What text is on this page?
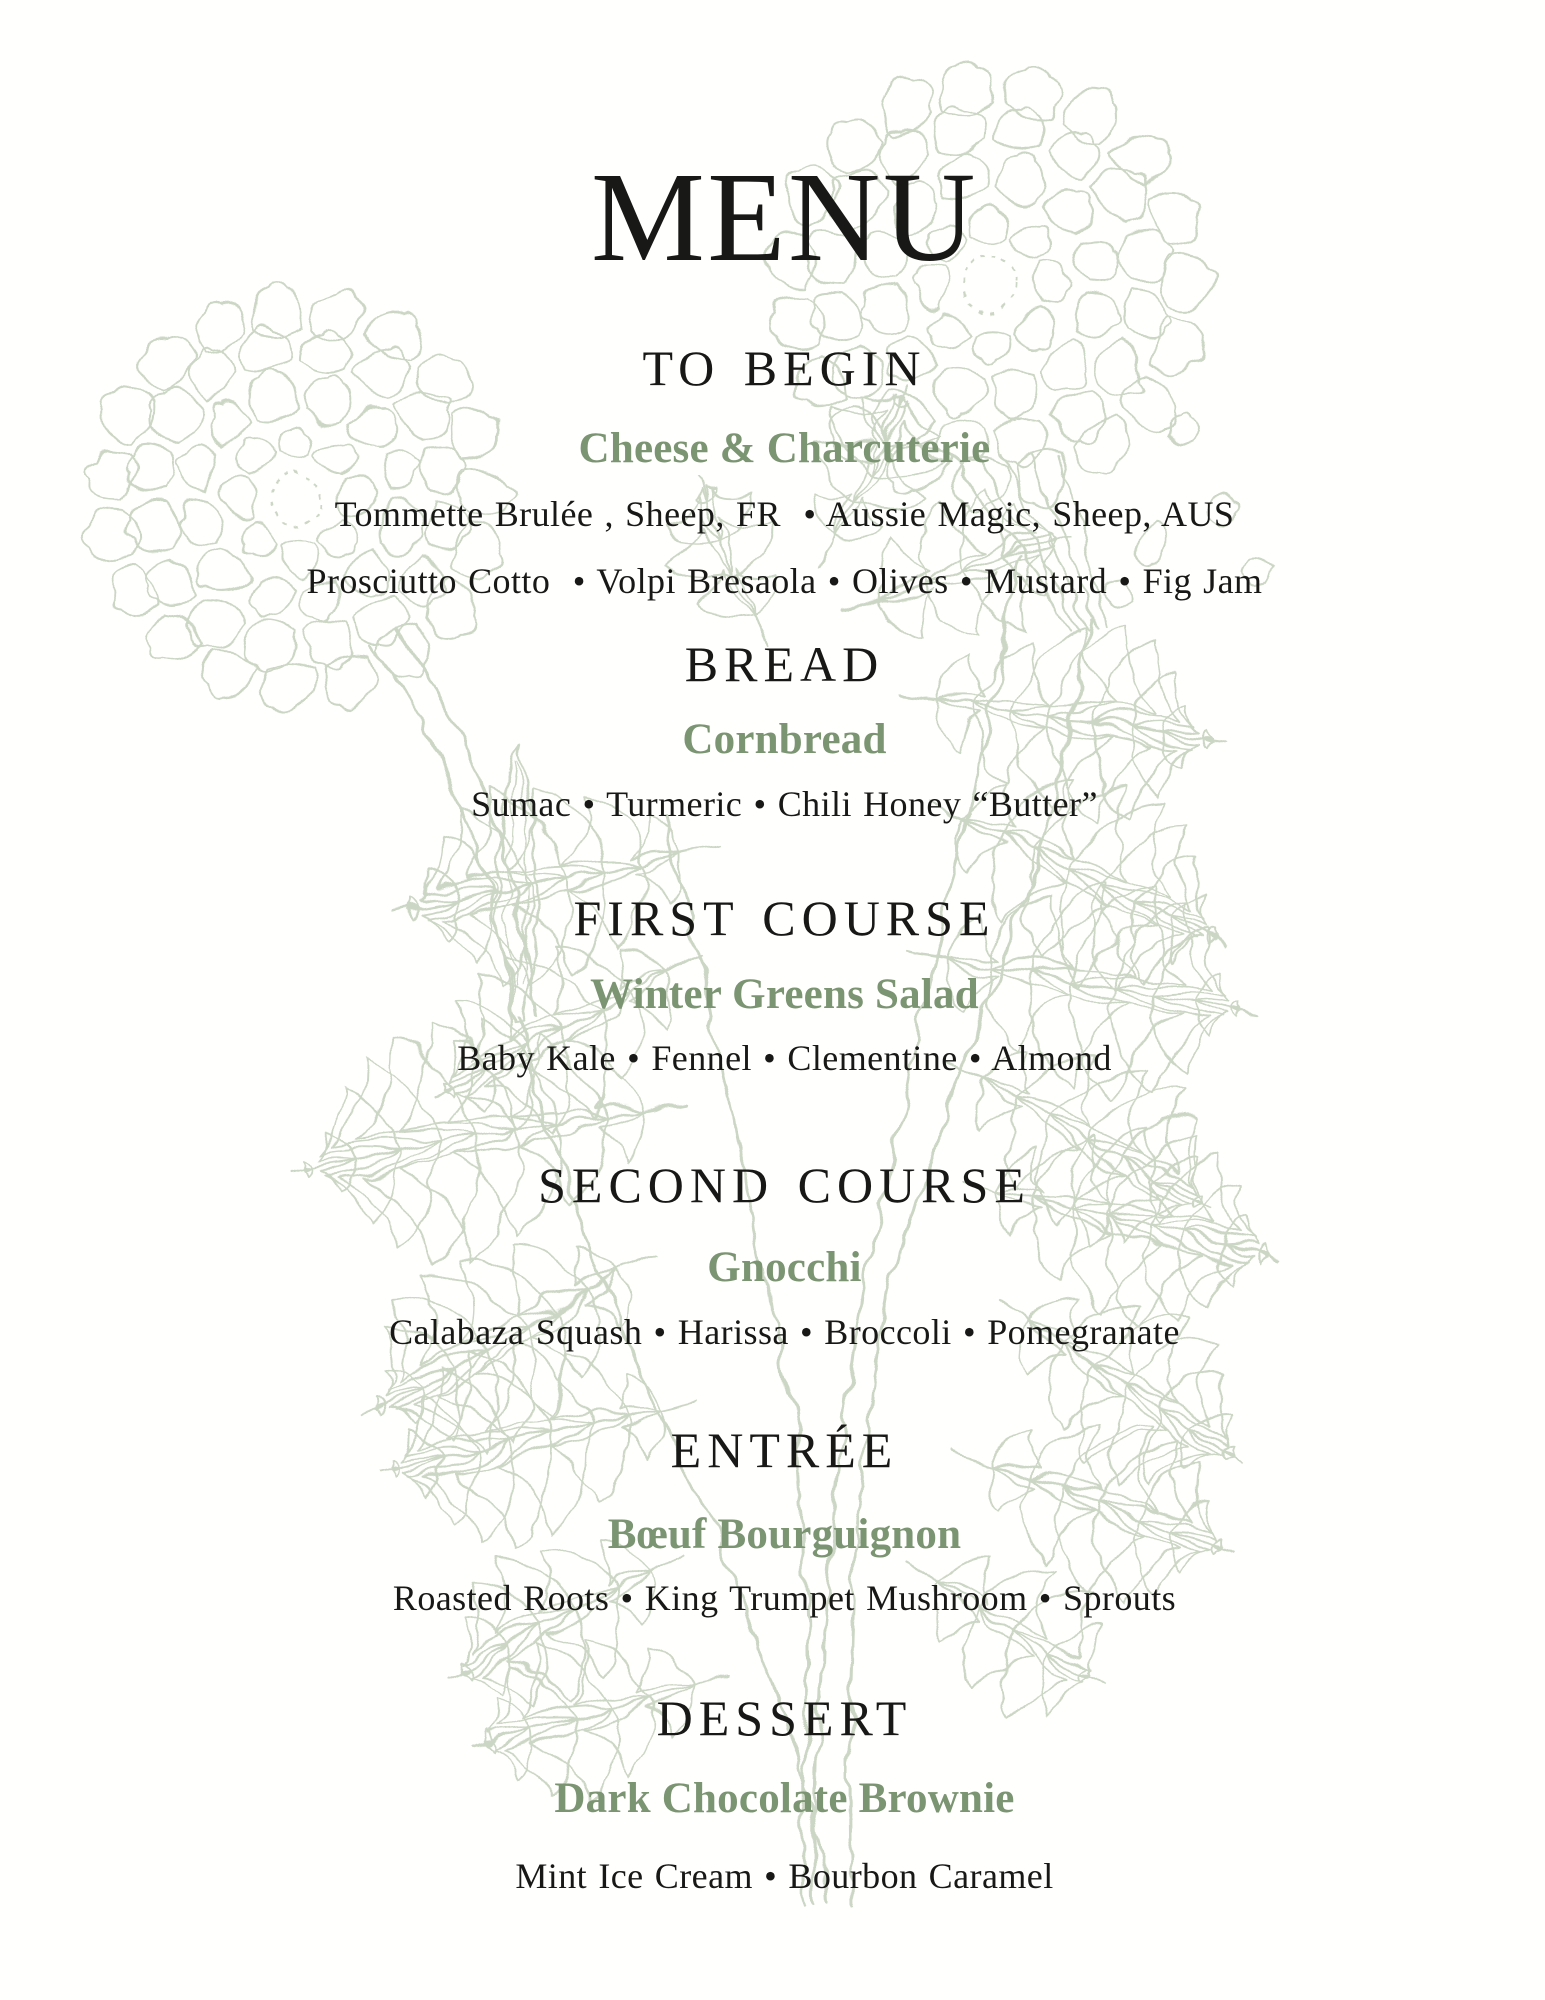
MENU
TO BEGIN
Cheese & Charcuterie

Tommette Brulée , Sheep, FR  • Aussie Magic, Sheep, AUS

Prosciutto Cotto  • Volpi Bresaola • Olives • Mustard • Fig Jam

BREAD
Cornbread

Sumac • Turmeric • Chili Honey “Butter”

FIRST COURSE
Winter Greens Salad

Baby Kale • Fennel • Clementine • Almond

SECOND COURSE
Gnocchi

Calabaza Squash • Harissa • Broccoli • Pomegranate

ENTRÉE
Bœuf Bourguignon

Roasted Roots • King Trumpet Mushroom • Sprouts

DESSERT
Dark Chocolate Brownie

Mint Ice Cream • Bourbon Caramel
